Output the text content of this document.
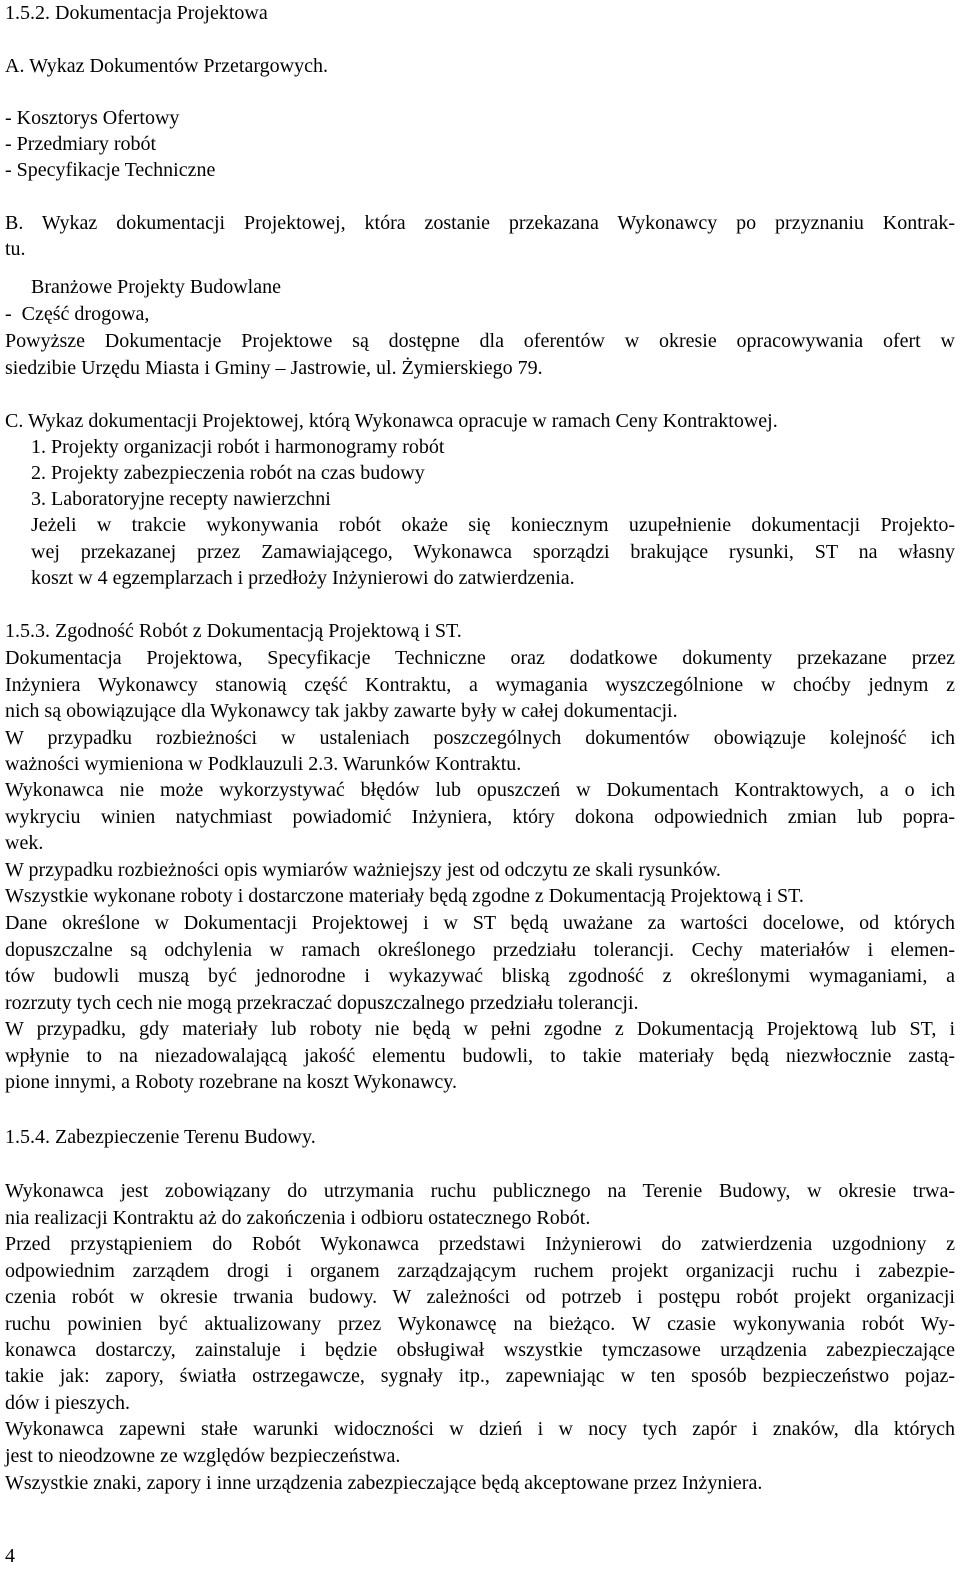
1.5.2. Dokumentacja Projektowa
A. Wykaz Dokumentów Przetargowych.
- Kosztorys Ofertowy
- Przedmiary robót
- Specyfikacje Techniczne
B. Wykaz dokumentacji Projektowej, która zostanie przekazana Wykonawcy po przyznaniu Kontrak-
tu.
Branżowe Projekty Budowlane
-  Część drogowa,
Powyższe Dokumentacje Projektowe są dostępne dla oferentów w okresie opracowywania ofert w
siedzibie Urzędu Miasta i Gminy – Jastrowie, ul. Żymierskiego 79.
C. Wykaz dokumentacji Projektowej, którą Wykonawca opracuje w ramach Ceny Kontraktowej.
1. Projekty organizacji robót i harmonogramy robót
2. Projekty zabezpieczenia robót na czas budowy
3. Laboratoryjne recepty nawierzchni
Jeżeli w trakcie wykonywania robót okaże się koniecznym uzupełnienie dokumentacji Projekto-
wej przekazanej przez Zamawiającego, Wykonawca sporządzi brakujące rysunki, ST na własny
koszt w 4 egzemplarzach i przedłoży Inżynierowi do zatwierdzenia.
1.5.3. Zgodność Robót z Dokumentacją Projektową i ST.
Dokumentacja Projektowa, Specyfikacje Techniczne oraz dodatkowe dokumenty przekazane przez
Inżyniera Wykonawcy stanowią część Kontraktu, a wymagania wyszczególnione w choćby jednym z
nich są obowiązujące dla Wykonawcy tak jakby zawarte były w całej dokumentacji.
W przypadku rozbieżności w ustaleniach poszczególnych dokumentów obowiązuje kolejność ich
ważności wymieniona w Podklauzuli 2.3. Warunków Kontraktu.
Wykonawca nie może wykorzystywać błędów lub opuszczeń w Dokumentach Kontraktowych, a o ich
wykryciu winien natychmiast powiadomić Inżyniera, który dokona odpowiednich zmian lub popra-
wek.
W przypadku rozbieżności opis wymiarów ważniejszy jest od odczytu ze skali rysunków.
Wszystkie wykonane roboty i dostarczone materiały będą zgodne z Dokumentacją Projektową i ST.
Dane określone w Dokumentacji Projektowej i w ST będą uważane za wartości docelowe, od których
dopuszczalne są odchylenia w ramach określonego przedziału tolerancji. Cechy materiałów i elemen-
tów budowli muszą być jednorodne i wykazywać bliską zgodność z określonymi wymaganiami, a
rozrzuty tych cech nie mogą przekraczać dopuszczalnego przedziału tolerancji.
W przypadku, gdy materiały lub roboty nie będą w pełni zgodne z Dokumentacją Projektową lub ST, i
wpłynie to na niezadowalającą jakość elementu budowli, to takie materiały będą niezwłocznie zastą-
pione innymi, a Roboty rozebrane na koszt Wykonawcy.
1.5.4. Zabezpieczenie Terenu Budowy.
Wykonawca jest zobowiązany do utrzymania ruchu publicznego na Terenie Budowy, w okresie trwa-
nia realizacji Kontraktu aż do zakończenia i odbioru ostatecznego Robót.
Przed przystąpieniem do Robót Wykonawca przedstawi Inżynierowi do zatwierdzenia uzgodniony z
odpowiednim zarządem drogi i organem zarządzającym ruchem projekt organizacji ruchu i zabezpie-
czenia robót w okresie trwania budowy. W zależności od potrzeb i postępu robót projekt organizacji
ruchu powinien być aktualizowany przez Wykonawcę na bieżąco. W czasie wykonywania robót Wy-
konawca dostarczy, zainstaluje i będzie obsługiwał wszystkie tymczasowe urządzenia zabezpieczające
takie jak: zapory, światła ostrzegawcze, sygnały itp., zapewniając w ten sposób bezpieczeństwo pojaz-
dów i pieszych.
Wykonawca zapewni stałe warunki widoczności w dzień i w nocy tych zapór i znaków, dla których
jest to nieodzowne ze względów bezpieczeństwa.
Wszystkie znaki, zapory i inne urządzenia zabezpieczające będą akceptowane przez Inżyniera.
4
